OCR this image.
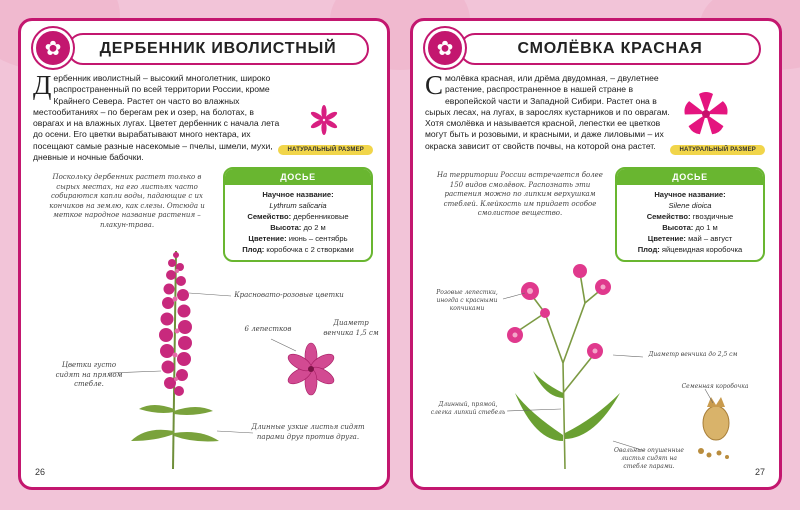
ДЕРБЕННИК ИВОЛИСТНЫЙ
✿
Дербенник иволистный – высокий многолетник, широко распространенный по всей территории России, кроме Крайнего Севера. Растет он часто во влажных местообитаниях – по берегам рек и озер, на болотах, в оврагах и на влажных лугах. Цветет дербенник с начала лета до осени. Его цветки вырабатывают много нектара, их посещают самые разные насекомые – пчелы, шмели, мухи, дневные и ночные бабочки.
НАТУРАЛЬНЫЙ РАЗМЕР
ДОСЬЕ
Научное название:
Lythrum salicaria
Семейство: дербенниковые
Высота: до 2 м
Цветение: июнь – сентябрь
Плод: коробочка с 2 створками
Поскольку дербенник растет только в сырых местах, на его листьях часто собираются капли воды, падающие с их кончиков на землю, как слезы. Отсюда и меткое народное название растения – плакун-трава.
Красновато-розовые цветки
6 лепестков
Диаметр венчика 1,5 см
Цветки густо сидят на прямом стебле.
Длинные узкие листья сидят парами друг против друга.
26
СМОЛЁВКА КРАСНАЯ
✿
Смолёвка красная, или дрёма двудомная, – двулетнее растение, распространенное в нашей стране в европейской части и Западной Сибири. Растет она в сырых лесах, на лугах, в зарослях кустарников и по оврагам. Хотя смолёвка и называется красной, лепестки ее цветков могут быть и розовыми, и красными, и даже лиловыми – их окраска зависит от свойств почвы, на которой она растет.	НАТУРАЛЬНЫЙ РАЗМЕР
ДОСЬЕ
Научное название:
Silene dioica
Семейство: гвоздичные
Высота: до 1 м
Цветение: май – август
Плод: яйцевидная коробочка
На территории России встречается более 150 видов смолёвок. Распознать эти растения можно по липким верхушкам стеблей. Клейкость им придает особое смолистое вещество.
Розовые лепестки, иногда с красными копчиками
Диаметр венчика до 2,5 см
Семенная коробочка
Длинный, прямой, слегка липкий стебель
Овальные опушенные листья сидят на стебле парами.
27
